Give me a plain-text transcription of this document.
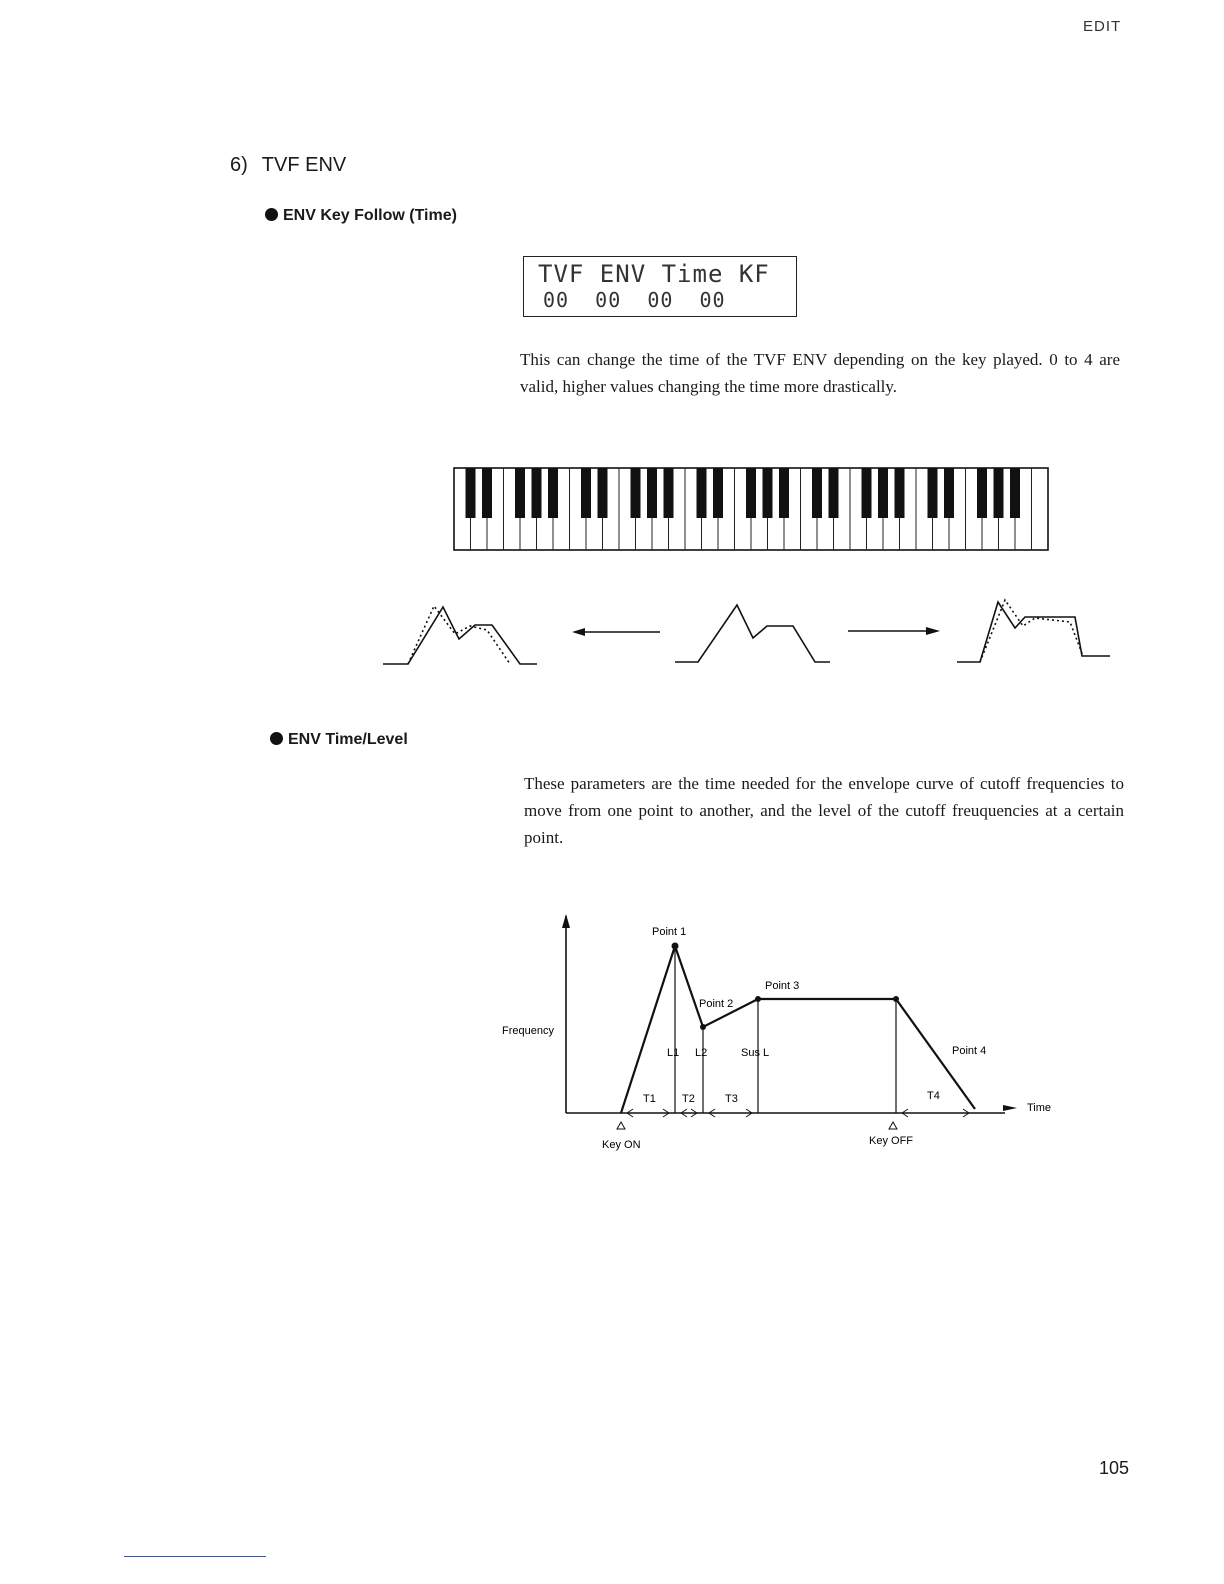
EDIT
6) TVF ENV
ENV Key Follow (Time)
TVF ENV Time KF
00  00  00  00
This can change the time of the TVF ENV depending on the key played. 0 to 4 are valid, higher values changing the time more drastically.
ENV Time/Level
These parameters are the time needed for the envelope curve of cutoff frequencies to move from one point to another, and the level of the cutoff freuquencies at a certain point.
Point 1
Point 2
Point 3
Point 4
Frequency
Time
L1 L2	Sus L
T1 T2	T3	T4
Key ON	Key OFF
105
